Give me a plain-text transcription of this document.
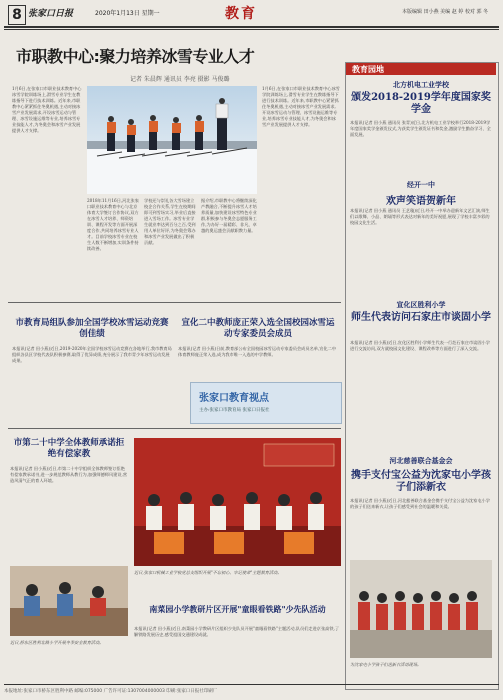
8 张家口日报	2020年1月13日 星期一	教育	本版编辑 田小燕 美编 赵 婷 校对 郭 冬
市职教中心:聚力培养冰雪专业人才
记者 朱晨辉 通讯员 李亮 摄影 马俊璐
1月6日,在张家口市职业技术教育中心冰雪学院训练场上,滑雪专业学生在教练指导下进行技术训练。近年来,市职教中心紧紧抓住冬奥机遇,主动对接冰雪产业发展需求,开设冰雪运动与管理、冰雪设施运维等专业,培养冰雪专业技能人才,为冬奥会和冰雪产业发展提供人才支撑。
2018年11月16日,河北张家口职业技术教育中心与北京体育大学签订合作协议,双方在冰雪人才培养、师资培训、课程开发等方面开展深度合作,共同培养冰雪专业人才。目前学校冰雪专业在校生人数不断增加,实训条件持续改善。
学校还与崇礼各大雪场建立校企合作关系,学生在校期间即可到雪场实习,毕业后直接进入雪场工作。冰雪专业学生就业率达到百分之百,受到用人单位好评,为冬奥会筹办和冰雪产业发展做出了积极贡献。
据介绍,市职教中心将继续深化产教融合,不断提升冰雪人才培养质量,加快建设冰雪特色专业群,积极参与冬奥会志愿服务工作,为办好一届精彩、非凡、卓越的奥运盛会贡献职教力量。
1月6日,在张家口市职业技术教育中心冰雪学院训练场上,滑雪专业学生在教练指导下进行技术训练。近年来,市职教中心紧紧抓住冬奥机遇,主动对接冰雪产业发展需求,开设冰雪运动与管理、冰雪设施运维等专业,培养冰雪专业技能人才,为冬奥会和冰雪产业发展提供人才支撑。
市教育局组队参加全国学校冰雪运动竞赛创佳绩
本报讯(记者 田小燕)近日,2019-2020年全国学校冰雪运动竞赛在各地举行,我市教育局组织各县区学校代表队积极参赛,取得了优异成绩,充分展示了我市青少年冰雪运动发展成果。
宣化二中教师庞正荣入选全国校园冰雪运动专家委员会成员
本报讯(记者 田小燕)日前,教育部公布全国校园冰雪运动专家委员会成员名单,宣化二中体育教师庞正荣入选,成为我市唯一入选的中学教师。
张家口教育视点
主办:张家口市教育局 张家口日报社
市第二十中学全体教师承诺拒绝有偿家教
本报讯(记者 田小燕)近日,市第二十中学组织全体教师签订拒绝有偿家教承诺书,进一步规范教师从教行为,加强师德师风建设,营造风清气正的育人环境。
近日,桥东区胜利北路小学开展冬季安全教育活动。
近日,张家口机械工业学校党总支组织开展"不忘初心、牢记使命"主题教育活动。
南菜园小学教研片区开展"童眼看铁路"少先队活动
本报讯(记者 田小燕)近日,南菜园小学教研片区组织少先队员开展"童眼看铁路"主题活动,队员们走进京张高铁,了解铁路发展历史,感受祖国交通建设成就。
教育园地
北方机电工业学校
颁发2018-2019学年度国家奖学金
本报讯(记者 田小燕 通讯员 张青)近日,北方机电工业学校举行2018-2019学年度国家奖学金颁发仪式,为获奖学生颁发证书和奖金,激励学生勤奋学习、全面发展。
经开一中
欢声笑语贺新年
本报讯(记者 田小燕 通讯员 王艺璇)近日,经开一中举办迎新年文艺汇演,师生们以歌舞、小品、朗诵等形式表达对新年的美好祝愿,展现了学校丰富多彩的校园文化生活。
宣化区胜利小学
师生代表访问石家庄市谈固小学
本报讯(记者 田小燕)近日,宣化区胜利小学师生代表一行赴石家庄市谈固小学进行交流访问,双方就校园文化建设、课程改革等方面进行了深入交流。
河北慈善联合基金会
携手支付宝公益为沈家屯小学孩子们添新衣
本报讯(记者 田小燕)近日,河北慈善联合基金会携手支付宝公益为沈家屯小学的孩子们送来新衣,让孩子们感受到社会的温暖和关爱。
为沈家屯小学孩子们送新衣活动现场。
本报地址:张家口市桥东区胜利中路 邮编:075000 广告许可证:1307004000003 印刷:张家口日报社印刷厂
